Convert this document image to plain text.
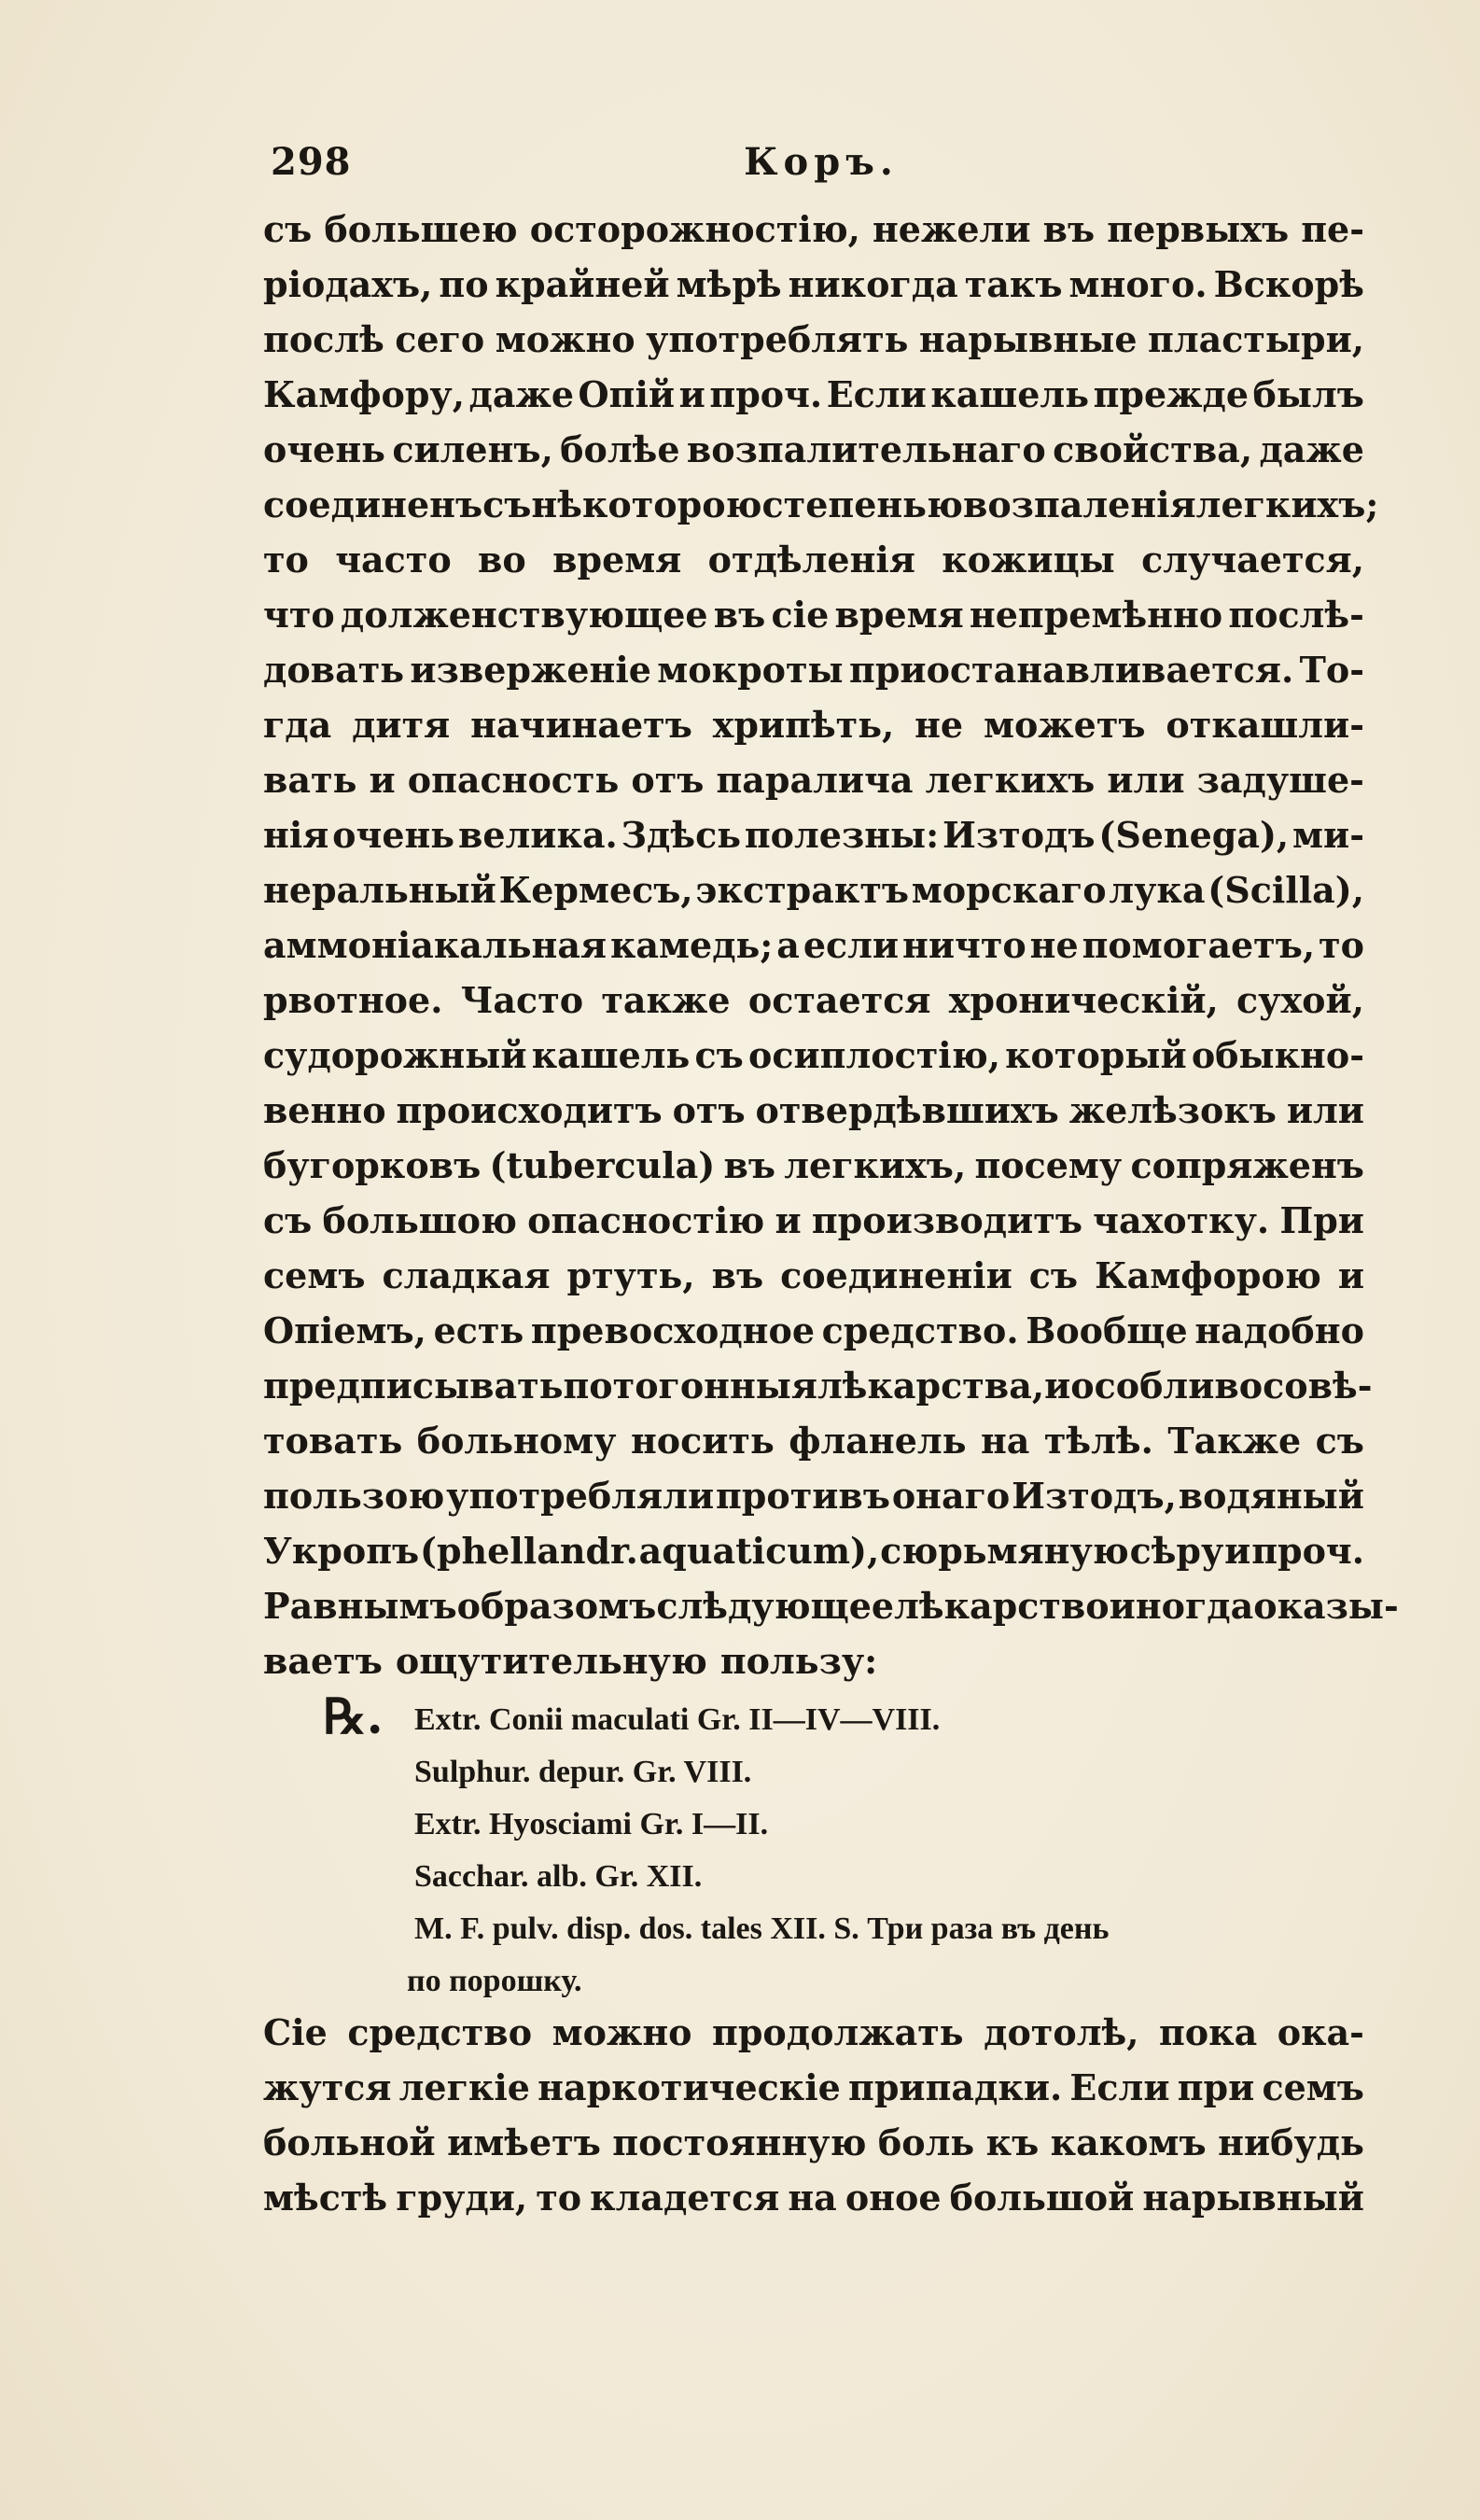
298	Коръ.
съ большею осторожностію, нежели въ первыхъ пе-
ріодахъ, по крайней мѣрѣ никогда такъ много. Вскорѣ
послѣ сего можно употреблять нарывные пластыри,
Камфору, даже Опій и проч. Если кашель прежде былъ
очень силенъ, болѣе возпалительнаго свойства, даже
соединенъ съ нѣкоторою степенью возпаленія легкихъ;
то часто во время отдѣленія кожицы случается,
что долженствующее въ сіе время непремѣнно послѣ-
довать изверженіе мокроты приостанавливается. То-
гда дитя начинаетъ хрипѣть, не можетъ откашли-
вать и опасность отъ паралича легкихъ или задуше-
нія очень велика. Здѣсь полезны: Изтодъ (Senega), ми-
неральный Кермесъ, экстрактъ морскаго лука (Scilla),
аммоніакальная камедь; а если ничто не помогаетъ, то
рвотное. Часто также остается хроническій, сухой,
судорожный кашель съ осиплостію, который обыкно-
венно происходитъ отъ отвердѣвшихъ желѣзокъ или
бугорковъ (tubercula) въ легкихъ, посему сопряженъ
съ большою опасностію и производитъ чахотку. При
семъ сладкая ртуть, въ соединеніи съ Камфорою и
Опіемъ, есть превосходное средство. Вообще надобно
предписывать потогонныя лѣкарства, и особливо совѣ-
товать больному носить фланель на тѣлѣ. Также съ
пользою употребляли противъ онаго Изтодъ, водяный
Укропъ (phellandr. aquaticum), сюрьмяную сѣру и проч.
Равнымъ образомъ слѣдующее лѣкарство иногда оказы-
ваетъ ощутительную пользу:
℞. Extr. Conii maculati Gr. II—IV—VIII.
Sulphur. depur. Gr. VIII.
Extr. Hyosciami Gr. I—II.
Sacchar. alb. Gr. XII.
M. F. pulv. disp. dos. tales XII. S. Три раза въ день
по порошку.
Сіе средство можно продолжать дотолѣ, пока ока-
жутся легкіе наркотическіе припадки. Если при семъ
больной имѣетъ постоянную боль къ какомъ нибудь
мѣстѣ груди, то кладется на оное большой нарывный
